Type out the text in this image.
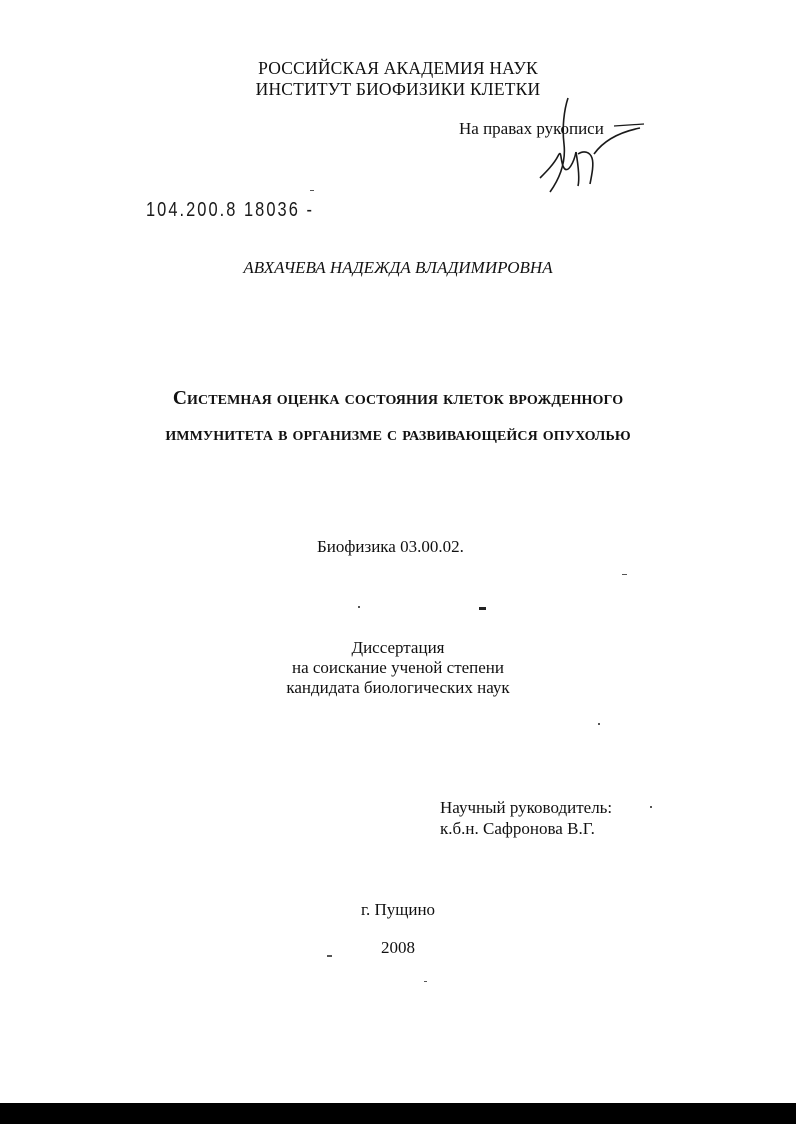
РОССИЙСКАЯ АКАДЕМИЯ НАУК
ИНСТИТУТ БИОФИЗИКИ КЛЕТКИ
На правах рукописи
104.200.8 18036 -
АВХАЧЕВА НАДЕЖДА ВЛАДИМИРОВНА
Системная оценка состояния клеток врожденного
иммунитета в организме с развивающейся опухолью
Биофизика 03.00.02.
Диссертация
на соискание ученой степени
кандидата биологических наук
Научный руководитель:
к.б.н. Сафронова В.Г.
г. Пущино
2008
